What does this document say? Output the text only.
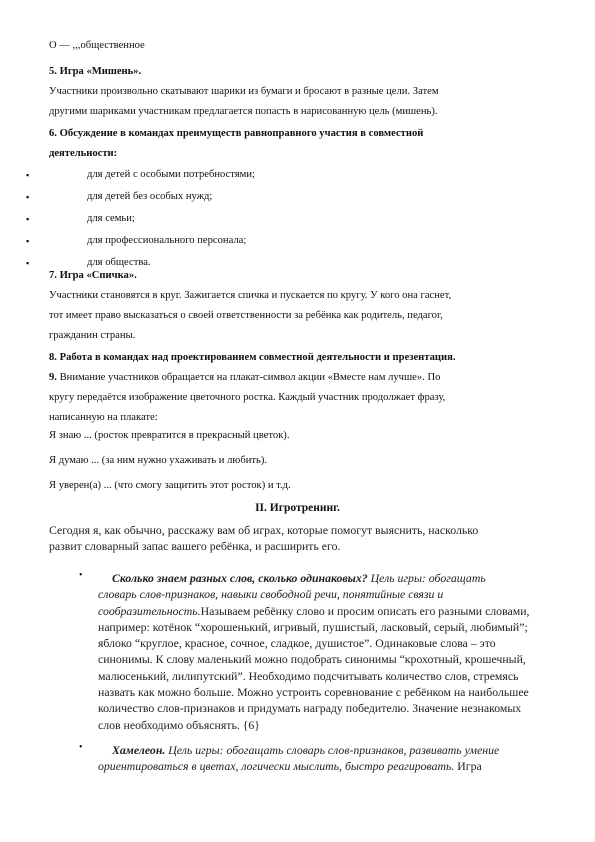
О — ,,,общественное

5. Игра «Мишень».

Участники произвольно скатывают шарики из бумаги и бросают в разные цели. Затем

другими шариками участникам предлагается попасть в нарисованную цель (мишень).

6. Обсуждение в командах преимуществ равноправного участия в совместной

деятельности:

▪	для детей с особыми потребностями;
▪	для детей без особых нужд;
▪	для семьи;
▪	для профессионального персонала;
▪	для общества.

7. Игра «Спичка».

Участники становятся в круг. Зажигается спичка и пускается по кругу. У кого она гаснет,

тот имеет право высказаться о своей ответственности за ребёнка как родитель, педагог,

гражданин страны.

8. Работа в командах над проектированием совместной деятельности и презентация.

9. Внимание участников обращается на плакат-символ акции «Вместе нам лучше». По

кругу передаётся изображение цветочного ростка. Каждый участник продолжает фразу,

написанную на плакате:

Я знаю ... (росток превратится в прекрасный цветок).

Я думаю ... (за ним нужно ухаживать и любить).

Я уверен(а) ... (что смогу защитить этот росток) и т.д.

II. Игротренинг.

Сегодня я, как обычно, расскажу вам об играх, которые помогут выяснить, насколько

развит словарный запас вашего ребёнка, и расширить его.

• Сколько знаем разных слов, сколько одинаковых? Цель игры: обогащать

словарь слов-признаков, навыки свободной речи, понятийные связи и

сообразительность.Называем ребёнку слово и просим описать его разными словами,

например: котёнок “хорошенький, игривый, пушистый, ласковый, серый, любимый”;

яблоко “круглое, красное, сочное, сладкое, душистое”. Одинаковые слова – это

синонимы. К слову маленький можно подобрать синонимы “крохотный, крошечный,

малюсенький, лилипутский”. Необходимо подсчитывать количество слов, стремясь

назвать как можно больше. Можно устроить соревнование с ребёнком на наибольшее

количество слов-признаков и придумать награду победителю. Значение незнакомых

слов необходимо объяснять. {6}

• Хамелеон. Цель игры: обогащать словарь слов-признаков, развивать умение

ориентироваться в цветах, логически мыслить, быстро реагировать. Игра
